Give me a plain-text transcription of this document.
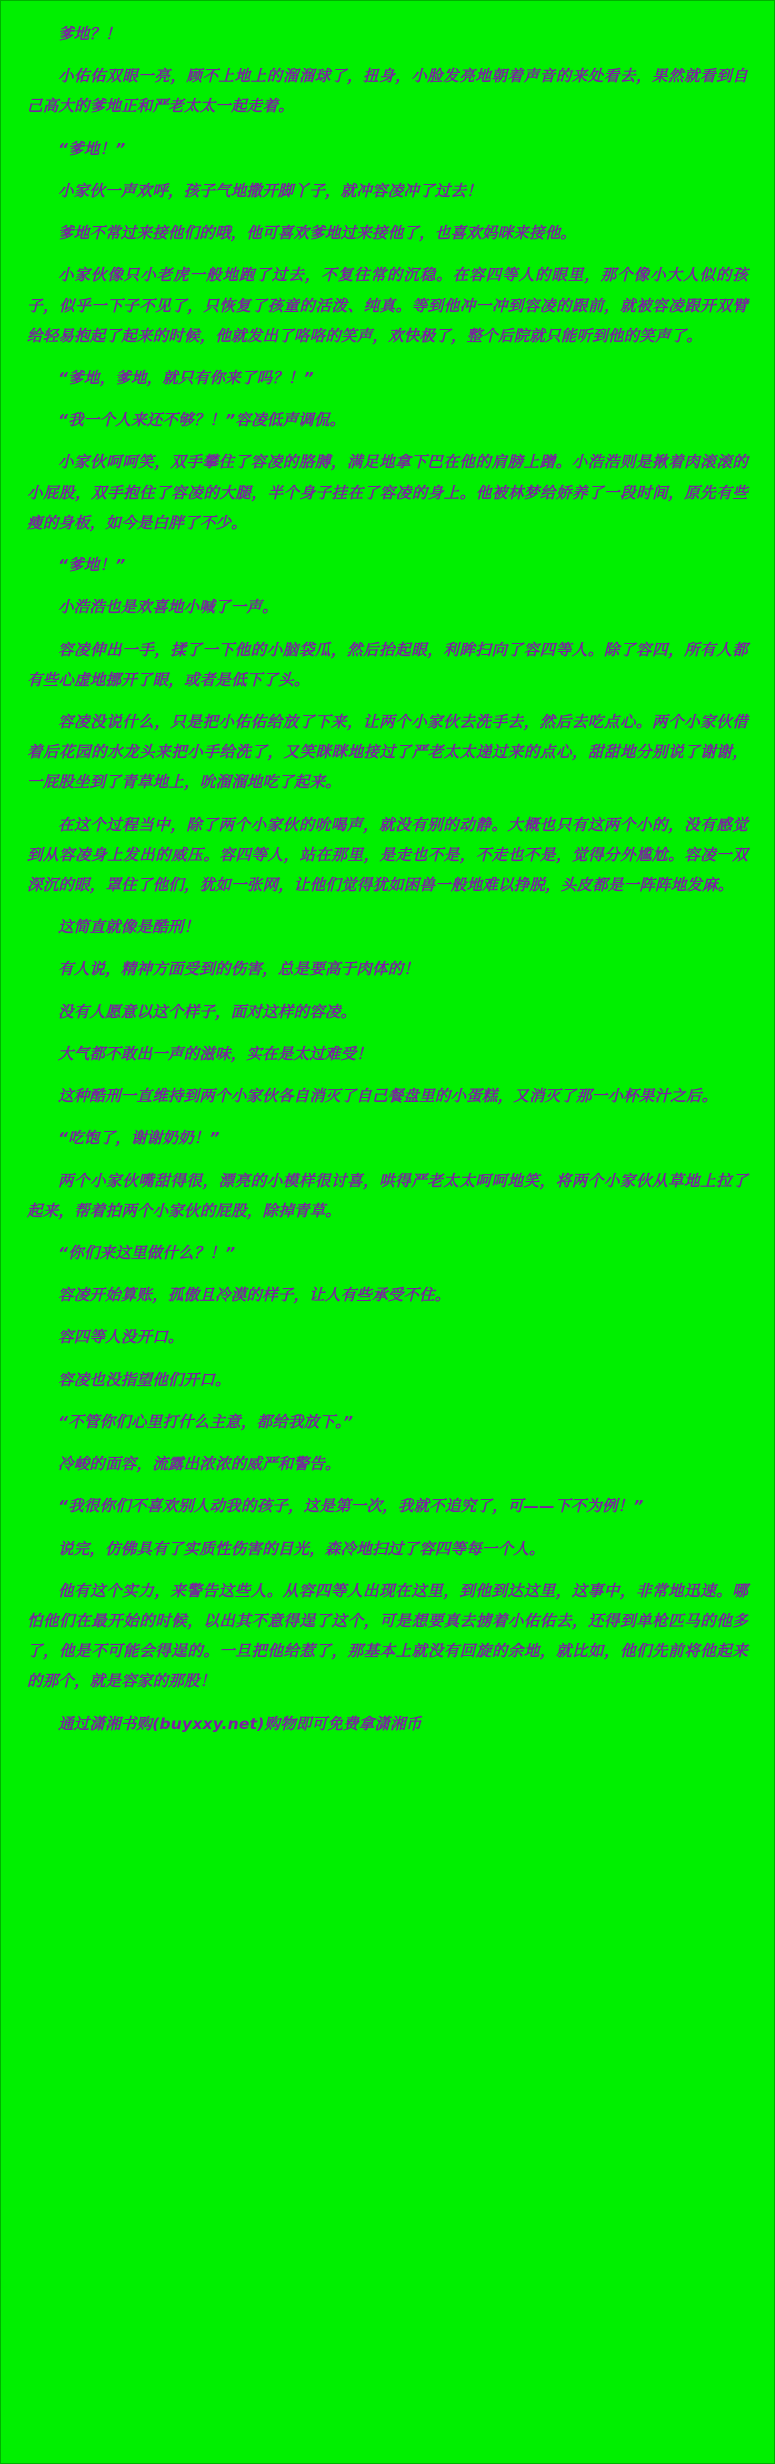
爹地？！

小佑佑双眼一亮，顾不上地上的溜溜球了，扭身，小脸发亮地朝着声音的来处看去，果然就看到自己高大的爹地正和严老太太一起走着。

“爹地！”

小家伙一声欢呼，孩子气地撒开脚丫子，就冲容凌冲了过去！

爹地不常过来接他们的哦，他可喜欢爹地过来接他了，也喜欢妈咪来接他。

小家伙像只小老虎一般地跑了过去，不复往常的沉稳。在容四等人的眼里，那个像小大人似的孩子，似乎一下子不见了，只恢复了孩童的活泼、纯真。等到他冲一冲到容凌的跟前，就被容凌跟开双臂给轻易抱起了起来的时候，他就发出了咯咯的笑声，欢快极了，整个后院就只能听到他的笑声了。

“爹地，爹地，就只有你来了吗？！”

“我一个人来还不够？！”容凌低声调侃。

小家伙呵呵笑，双手攀住了容凌的胳膊，满足地拿下巴在他的肩膀上蹭。小浩浩则是揪着肉滚滚的小屁股，双手抱住了容凌的大腿，半个身子挂在了容凌的身上。他被林梦给娇养了一段时间，原先有些瘦的身板，如今是白胖了不少。

“爹地！”

小浩浩也是欢喜地小喊了一声。

容凌伸出一手，揉了一下他的小脑袋瓜，然后抬起眼，利眸扫向了容四等人。除了容四，所有人都有些心虚地挪开了眼，或者是低下了头。

容凌没说什么，只是把小佑佑给放了下来，让两个小家伙去洗手去，然后去吃点心。两个小家伙借着后花园的水龙头来把小手给洗了，又笑眯眯地接过了严老太太递过来的点心，甜甜地分别说了谢谢，一屁股坐到了青草地上，吮溜溜地吃了起来。

在这个过程当中，除了两个小家伙的吮喝声，就没有别的动静。大概也只有这两个小的，没有感觉到从容凌身上发出的威压。容四等人，站在那里，是走也不是，不走也不是，觉得分外尴尬。容凌一双深沉的眼，罩住了他们，犹如一张网，让他们觉得犹如困兽一般地难以挣脱，头皮都是一阵阵地发麻。

这简直就像是酷刑！

有人说，精神方面受到的伤害，总是要高于肉体的！

没有人愿意以这个样子，面对这样的容凌。

大气都不敢出一声的滋味，实在是太过难受！

这种酷刑一直维持到两个小家伙各自消灭了自己餐盘里的小蛋糕，又消灭了那一小杯果汁之后。

“吃饱了，谢谢奶奶！”

两个小家伙嘴甜得很，漂亮的小模样很讨喜，哄得严老太太呵呵地笑，将两个小家伙从草地上拉了起来，帮着拍两个小家伙的屁股，除掉青草。

“你们来这里做什么？！”

容凌开始算账，孤傲且冷漠的样子，让人有些承受不住。

容四等人没开口。

容凌也没指望他们开口。

“不管你们心里打什么主意，都给我放下。”

冷峻的面容，流露出浓浓的威严和警告。

“我很你们不喜欢别人动我的孩子，这是第一次，我就不追究了，可——下不为例！”

说完，仿佛具有了实质性伤害的目光，森冷地扫过了容四等每一个人。

他有这个实力，来警告这些人。从容四等人出现在这里，到他到达这里，这事中，非常地迅速。哪怕他们在最开始的时候，以出其不意得逞了这个，可是想要真去掳着小佑佑去，还得到单枪匹马的他多了，他是不可能会得逞的。一旦把他给惹了，那基本上就没有回旋的余地，就比如，他们先前将他起来的那个，就是容家的那股！

通过潇湘书购(buyxxy.net)购物即可免费拿潇湘币
